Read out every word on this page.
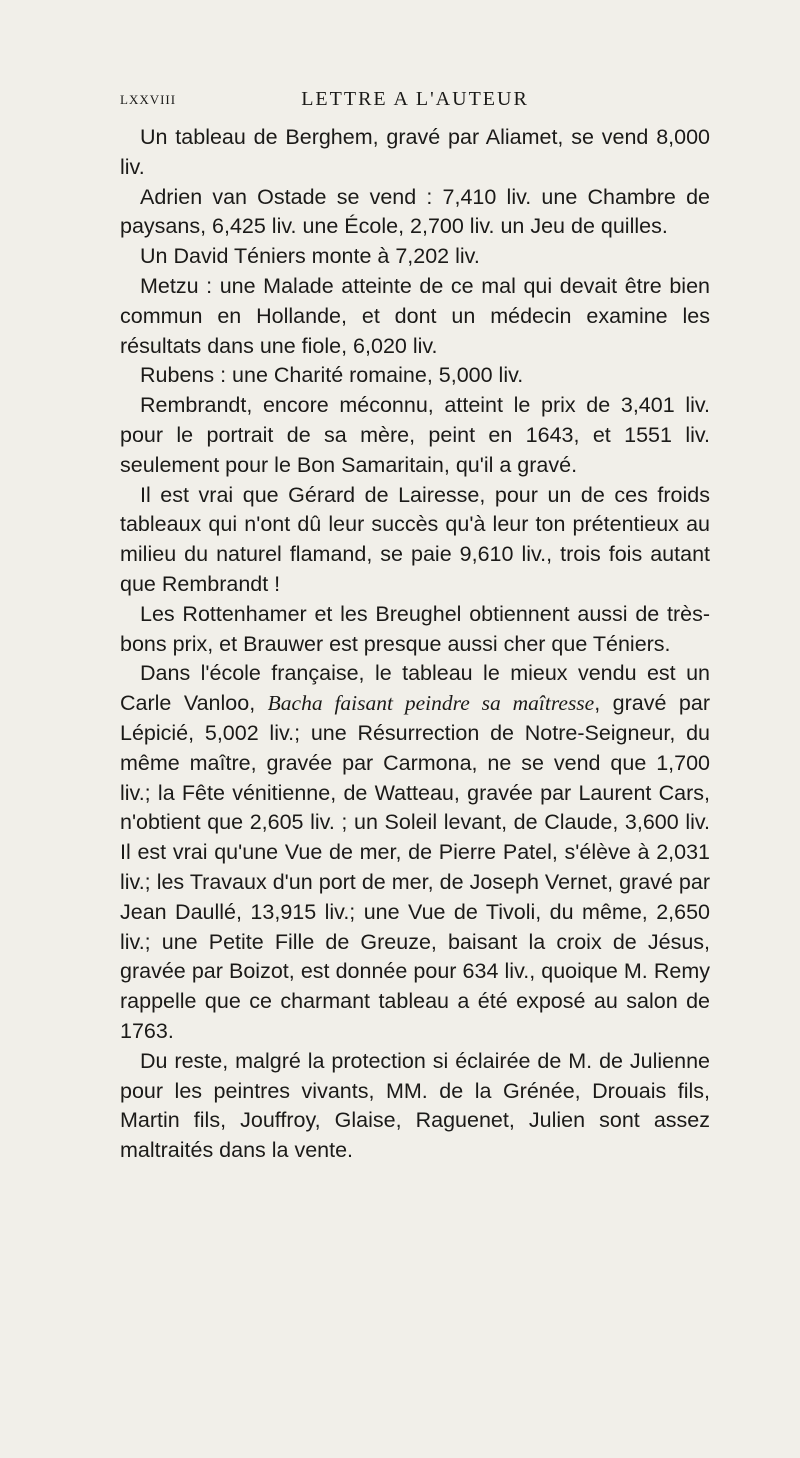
LXXVIII	LETTRE A L'AUTEUR

Un tableau de Berghem, gravé par Aliamet, se vend 8,000 liv.

Adrien van Ostade se vend : 7,410 liv. une Chambre de paysans, 6,425 liv. une École, 2,700 liv. un Jeu de quilles.

Un David Téniers monte à 7,202 liv.

Metzu : une Malade atteinte de ce mal qui devait être bien commun en Hollande, et dont un médecin examine les résultats dans une fiole, 6,020 liv.

Rubens : une Charité romaine, 5,000 liv.

Rembrandt, encore méconnu, atteint le prix de 3,401 liv. pour le portrait de sa mère, peint en 1643, et 1551 liv. seulement pour le Bon Samaritain, qu'il a gravé.

Il est vrai que Gérard de Lairesse, pour un de ces froids tableaux qui n'ont dû leur succès qu'à leur ton prétentieux au milieu du naturel flamand, se paie 9,610 liv., trois fois autant que Rembrandt !

Les Rottenhamer et les Breughel obtiennent aussi de très-bons prix, et Brauwer est presque aussi cher que Téniers.

Dans l'école française, le tableau le mieux vendu est un Carle Vanloo, Bacha faisant peindre sa maîtresse, gravé par Lépicié, 5,002 liv.; une Résurrection de Notre-Seigneur, du même maître, gravée par Carmona, ne se vend que 1,700 liv.; la Fête vénitienne, de Watteau, gravée par Laurent Cars, n'obtient que 2,605 liv. ; un Soleil levant, de Claude, 3,600 liv. Il est vrai qu'une Vue de mer, de Pierre Patel, s'élève à 2,031 liv.; les Travaux d'un port de mer, de Joseph Vernet, gravé par Jean Daullé, 13,915 liv.; une Vue de Tivoli, du même, 2,650 liv.; une Petite Fille de Greuze, baisant la croix de Jésus, gravée par Boizot, est donnée pour 634 liv., quoique M. Remy rappelle que ce charmant tableau a été exposé au salon de 1763.

Du reste, malgré la protection si éclairée de M. de Julienne pour les peintres vivants, MM. de la Grénée, Drouais fils, Martin fils, Jouffroy, Glaise, Raguenet, Julien sont assez maltraités dans la vente.
